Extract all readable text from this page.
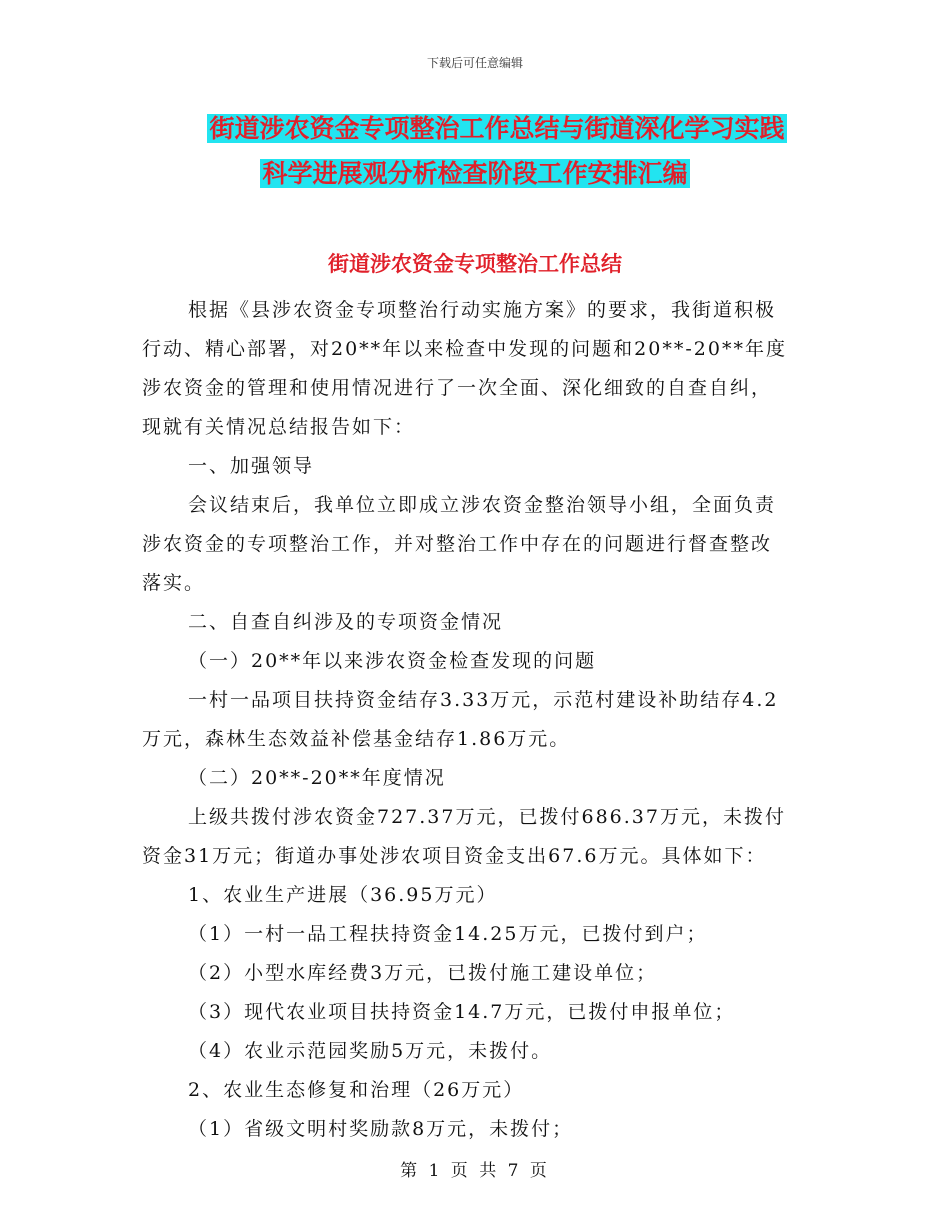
下载后可任意编辑
街道涉农资金专项整治工作总结与街道深化学习实践
科学进展观分析检查阶段工作安排汇编
街道涉农资金专项整治工作总结
根据《县涉农资金专项整治行动实施方案》的要求，我街道积极
行动、精心部署，对20**年以来检查中发现的问题和20**-20**年度
涉农资金的管理和使用情况进行了一次全面、深化细致的自查自纠，
现就有关情况总结报告如下：
一、加强领导
会议结束后，我单位立即成立涉农资金整治领导小组，全面负责
涉农资金的专项整治工作，并对整治工作中存在的问题进行督查整改
落实。
二、自查自纠涉及的专项资金情况
（一）20**年以来涉农资金检查发现的问题
一村一品项目扶持资金结存3.33万元，示范村建设补助结存4.2
万元，森林生态效益补偿基金结存1.86万元。
（二）20**-20**年度情况
上级共拨付涉农资金727.37万元，已拨付686.37万元，未拨付
资金31万元；街道办事处涉农项目资金支出67.6万元。具体如下：
1、农业生产进展（36.95万元）
（1）一村一品工程扶持资金14.25万元，已拨付到户；
（2）小型水库经费3万元，已拨付施工建设单位；
（3）现代农业项目扶持资金14.7万元，已拨付申报单位；
（4）农业示范园奖励5万元，未拨付。
2、农业生态修复和治理（26万元）
（1）省级文明村奖励款8万元，未拨付；
第 1 页 共 7 页
